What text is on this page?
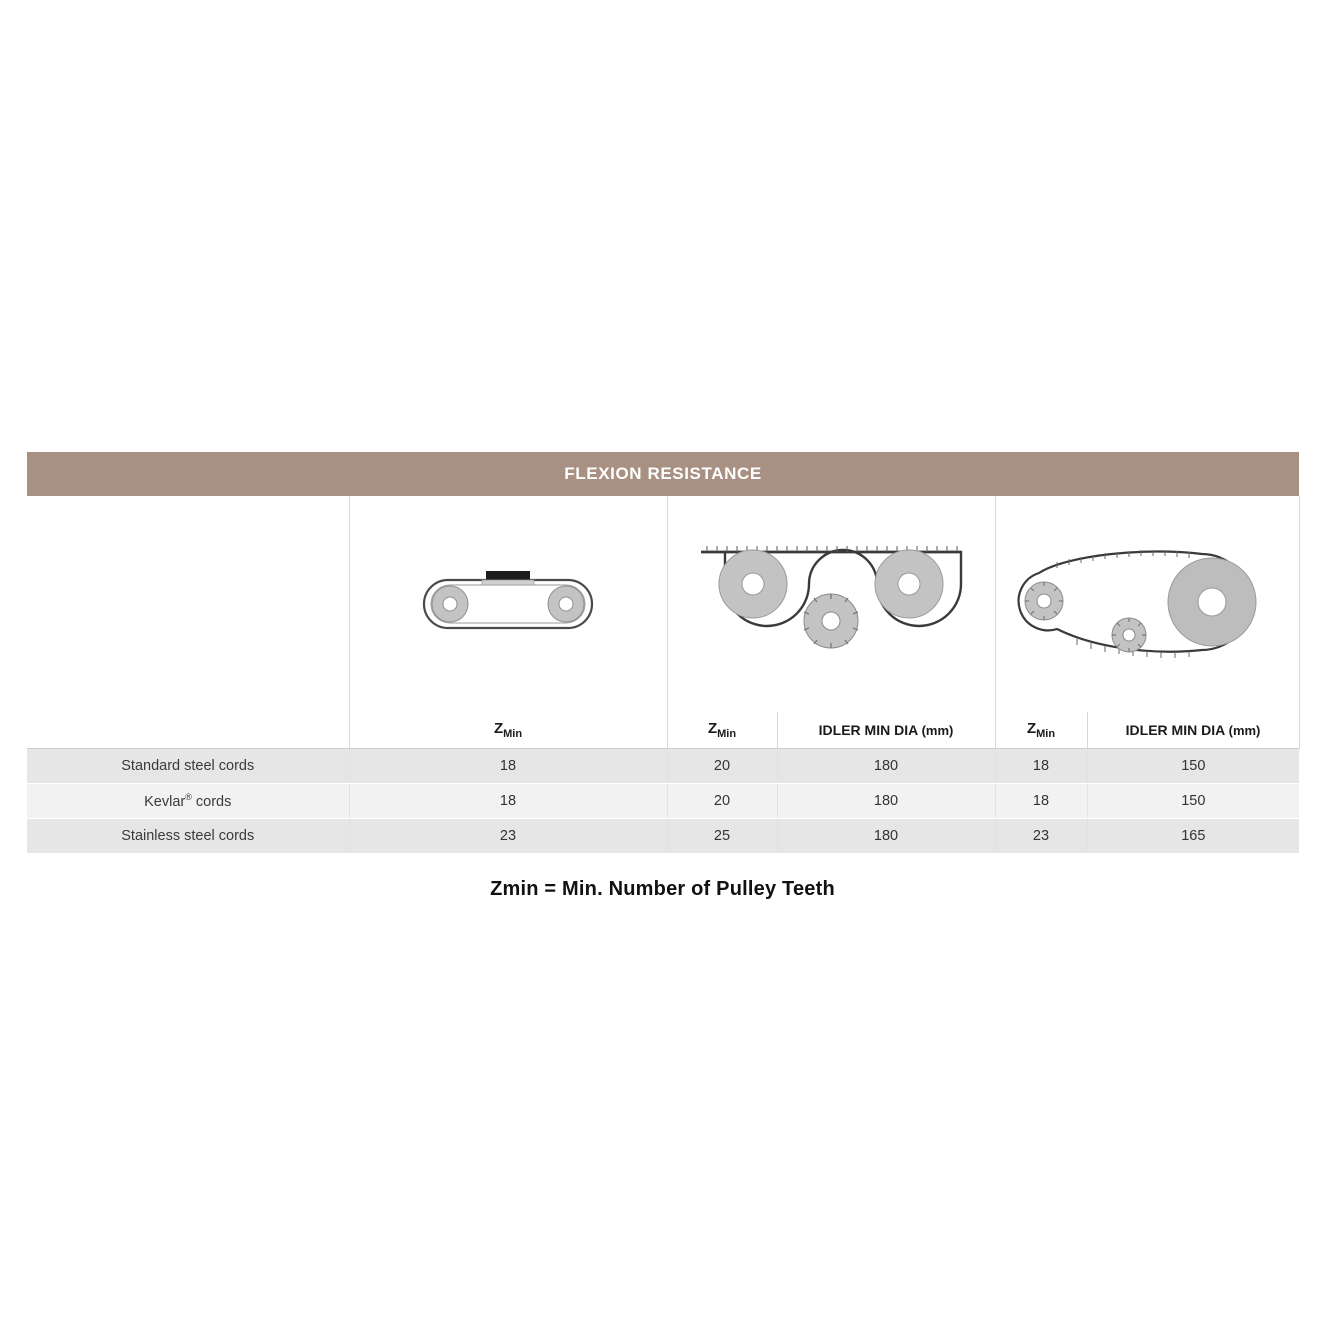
FLEXION RESISTANCE					

	$Z_{Min}$	$Z_{Min}$	IDLER MIN DIA (mm)	$Z_{Min}$	IDLER MIN DIA (mm)
Standard steel cords	18	20	180	18	150
Kevlar® cords	18	20	180	18	150
Stainless steel cords	23	25	180	23	165
Zmin = Min. Number of Pulley Teeth
